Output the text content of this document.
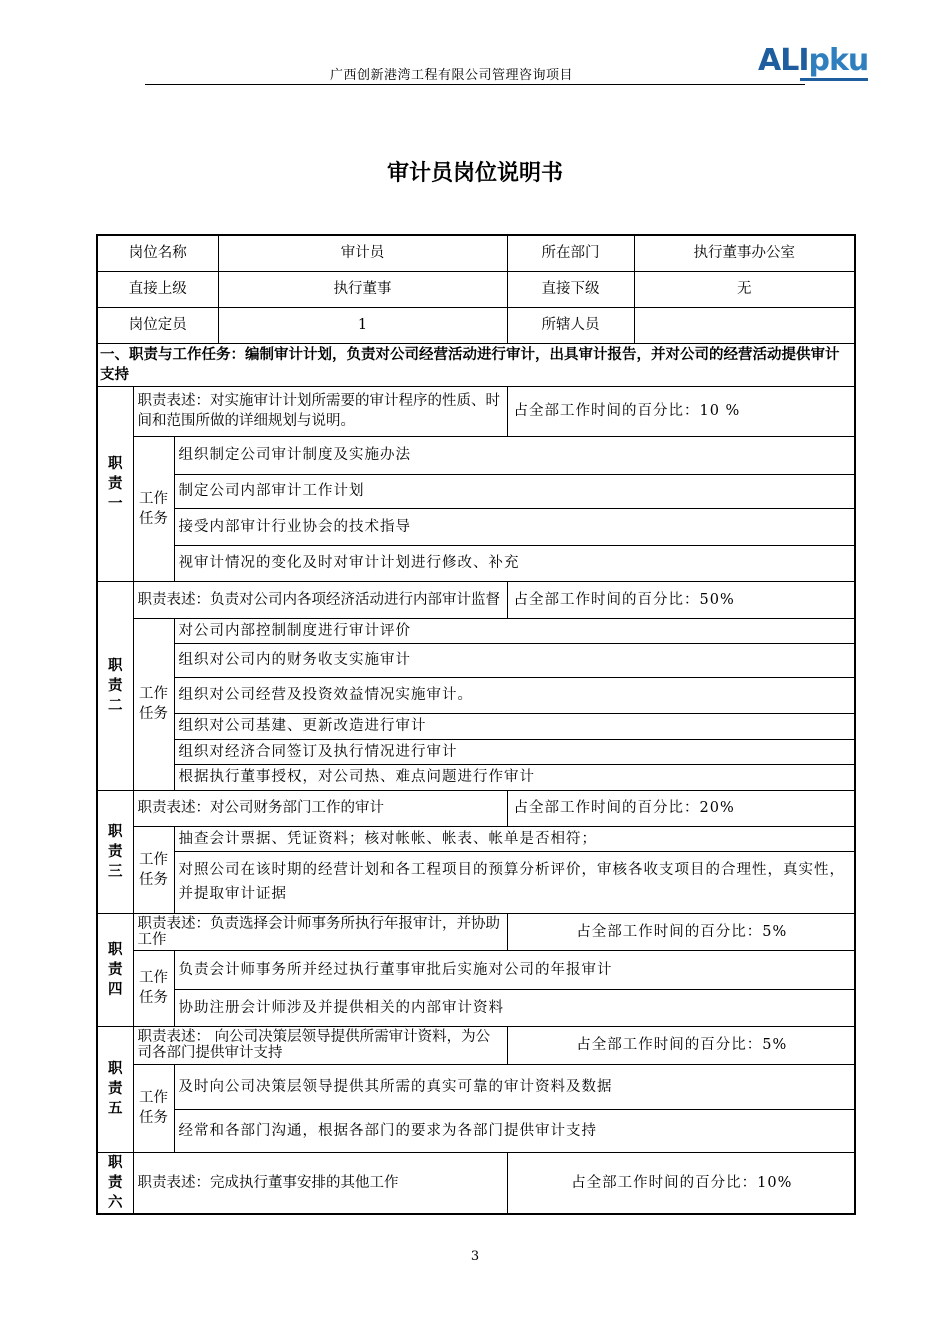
广西创新港湾工程有限公司管理咨询项目	ALIpku
审计员岗位说明书
岗位名称			审计员	所在部门	执行董事办公室
直接上级			执行董事	直接下级	无
岗位定员			1	所辖人员	
一、职责与工作任务：编制审计计划，负责对公司经营活动进行审计，出具审计报告，并对公司的经营活动提供审计支持					

职
责
一	职责表述：对实施审计计划所需要的审计程序的性质、时间和范围所做的详细规划与说明。			占全部工作时间的百分比：10 %	

	工作
任务	组织制定公司审计制度及实施办法			
		制定公司内部审计工作计划			
		接受内部审计行业协会的技术指导			
		视审计情况的变化及时对审计计划进行修改、补充			

职
责
二	职责表述：负责对公司内各项经济活动进行内部审计监督			占全部工作时间的百分比：50%	

	工作
任务	对公司内部控制制度进行审计评价			
		组织对公司内的财务收支实施审计			
		组织对公司经营及投资效益情况实施审计。			
		组织对公司基建、更新改造进行审计			
		组织对经济合同签订及执行情况进行审计			
		根据执行董事授权，对公司热、难点问题进行作审计			

职
责
三	职责表述：对公司财务部门工作的审计			占全部工作时间的百分比：20%	

	工作
任务	抽查会计票据、凭证资料；核对帐帐、帐表、帐单是否相符；			
		对照公司在该时期的经营计划和各工程项目的预算分析评价，审核各收支项目的合理性，真实性，并提取审计证据			

职
责
四	职责表述：负责选择会计师事务所执行年报审计，并协助工作			占全部工作时间的百分比：5%	

	工作
任务	负责会计师事务所并经过执行董事审批后实施对公司的年报审计			
		协助注册会计师涉及并提供相关的内部审计资料			

职
责
五	职责表述： 向公司决策层领导提供所需审计资料，为公司各部门提供审计支持			占全部工作时间的百分比：5%	

	工作
任务	及时向公司决策层领导提供其所需的真实可靠的审计资料及数据			
		经常和各部门沟通，根据各部门的要求为各部门提供审计支持			

职
责
六	职责表述：完成执行董事安排的其他工作			占全部工作时间的百分比：10%	
3
